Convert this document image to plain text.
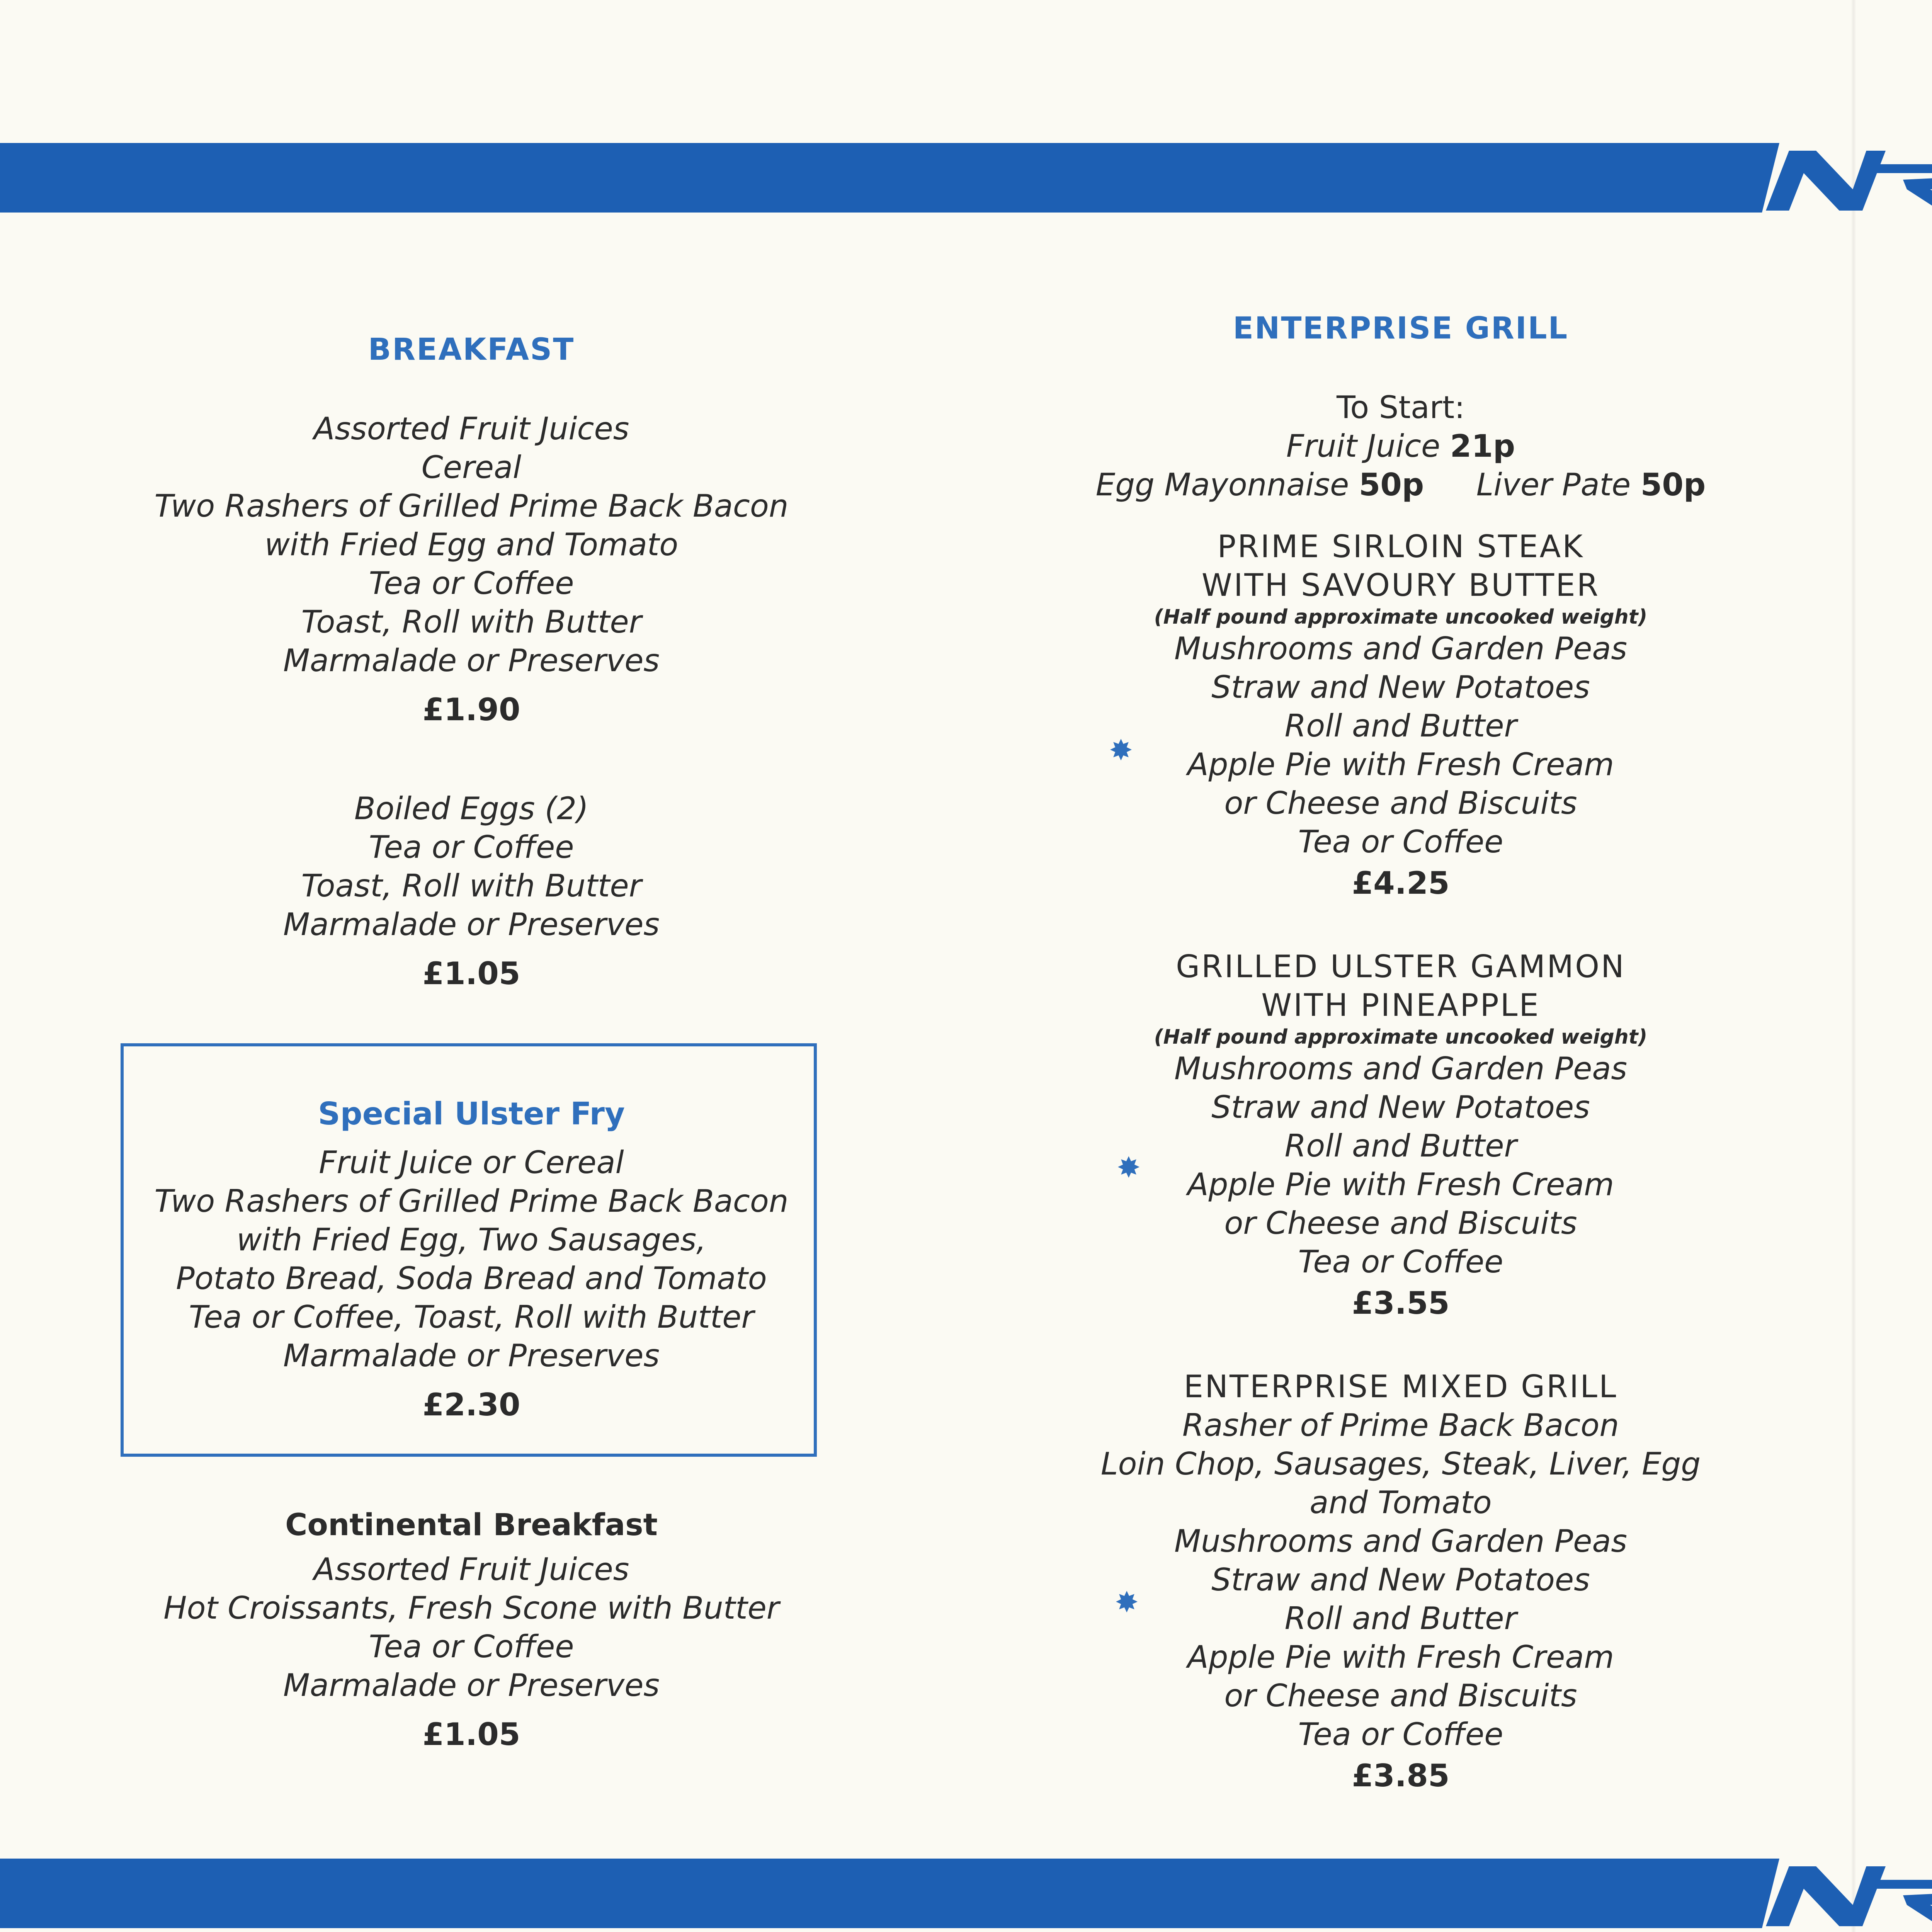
BREAKFAST
Assorted Fruit Juices
Cereal
Two Rashers of Grilled Prime Back Bacon
with Fried Egg and Tomato
Tea or Coffee
Toast, Roll with Butter
Marmalade or Preserves
£1.90
Boiled Eggs (2)
Tea or Coffee
Toast, Roll with Butter
Marmalade or Preserves
£1.05
Special Ulster Fry
Fruit Juice or Cereal
Two Rashers of Grilled Prime Back Bacon
with Fried Egg, Two Sausages,
Potato Bread, Soda Bread and Tomato
Tea or Coffee, Toast, Roll with Butter
Marmalade or Preserves
£2.30
Continental Breakfast
Assorted Fruit Juices
Hot Croissants, Fresh Scone with Butter
Tea or Coffee
Marmalade or Preserves
£1.05
ENTERPRISE GRILL
To Start:
Fruit Juice 21p
Egg Mayonnaise 50p Liver Pate 50p
PRIME SIRLOIN STEAK
WITH SAVOURY BUTTER
(Half pound approximate uncooked weight)
Mushrooms and Garden Peas
Straw and New Potatoes
Roll and Butter
Apple Pie with Fresh Cream
or Cheese and Biscuits
Tea or Coffee
£4.25
GRILLED ULSTER GAMMON
WITH PINEAPPLE
(Half pound approximate uncooked weight)
Mushrooms and Garden Peas
Straw and New Potatoes
Roll and Butter
Apple Pie with Fresh Cream
or Cheese and Biscuits
Tea or Coffee
£3.55
ENTERPRISE MIXED GRILL
Rasher of Prime Back Bacon
Loin Chop, Sausages, Steak, Liver, Egg
and Tomato
Mushrooms and Garden Peas
Straw and New Potatoes
Roll and Butter
Apple Pie with Fresh Cream
or Cheese and Biscuits
Tea or Coffee
£3.85
✸
✸
✸
